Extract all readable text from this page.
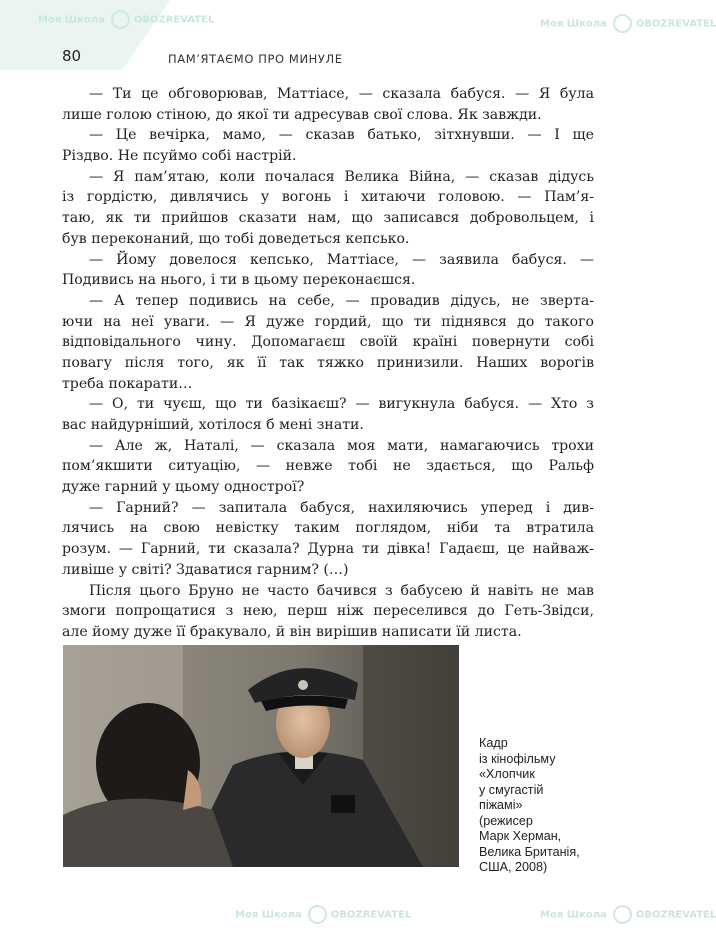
Моя Школа	OBOZREVATEL	Моя Школа	OBOZREVATEL
Моя Школа	OBOZREVATEL	Моя Школа	OBOZREVATEL
80	ПАМ’ЯТАЄМО ПРО МИНУЛЕ
— Ти це обговорював, Маттіасе, — сказала бабуся. — Я була
лише голою стіною, до якої ти адресував свої слова. Як завжди.
— Це вечірка, мамо, — сказав батько, зітхнувши. — І ще
Різдво. Не псуймо собі настрій.
— Я пам’ятаю, коли почалася Велика Війна, — сказав дідусь
із гордістю, дивлячись у вогонь і хитаючи головою. — Пам’я-
таю, як ти прийшов сказати нам, що записався добровольцем, і
був переконаний, що тобі доведеться кепсько.
— Йому довелося кепсько, Маттіасе, — заявила бабуся. —
Подивись на нього, і ти в цьому переконаєшся.
— А тепер подивись на себе, — провадив дідусь, не зверта-
ючи на неї уваги. — Я дуже гордий, що ти піднявся до такого
відповідального чину. Допомагаєш своїй країні повернути собі
повагу після того, як її так тяжко принизили. Наших ворогів
треба покарати…
— О, ти чуєш, що ти базікаєш? — вигукнула бабуся. — Хто з
вас найдурніший, хотілося б мені знати.
— Але ж, Наталі, — сказала моя мати, намагаючись трохи
пом’якшити ситуацію, — невже тобі не здається, що Ральф
дуже гарний у цьому однострої?
— Гарний? — запитала бабуся, нахиляючись уперед і див-
лячись на свою невістку таким поглядом, ніби та втратила
розум. — Гарний, ти сказала? Дурна ти дівка! Гадаєш, це найваж-
ливіше у світі? Здаватися гарним? (…)
Після цього Бруно не часто бачився з бабусею й навіть не мав
змоги попрощатися з нею, перш ніж переселився до Геть-Звідси,
але йому дуже її бракувало, й він вирішив написати їй листа.
Кадр
із кінофільму
«Хлопчик
у смугастій
піжамі»
(режисер
Марк Херман,
Велика Британія,
США, 2008)
